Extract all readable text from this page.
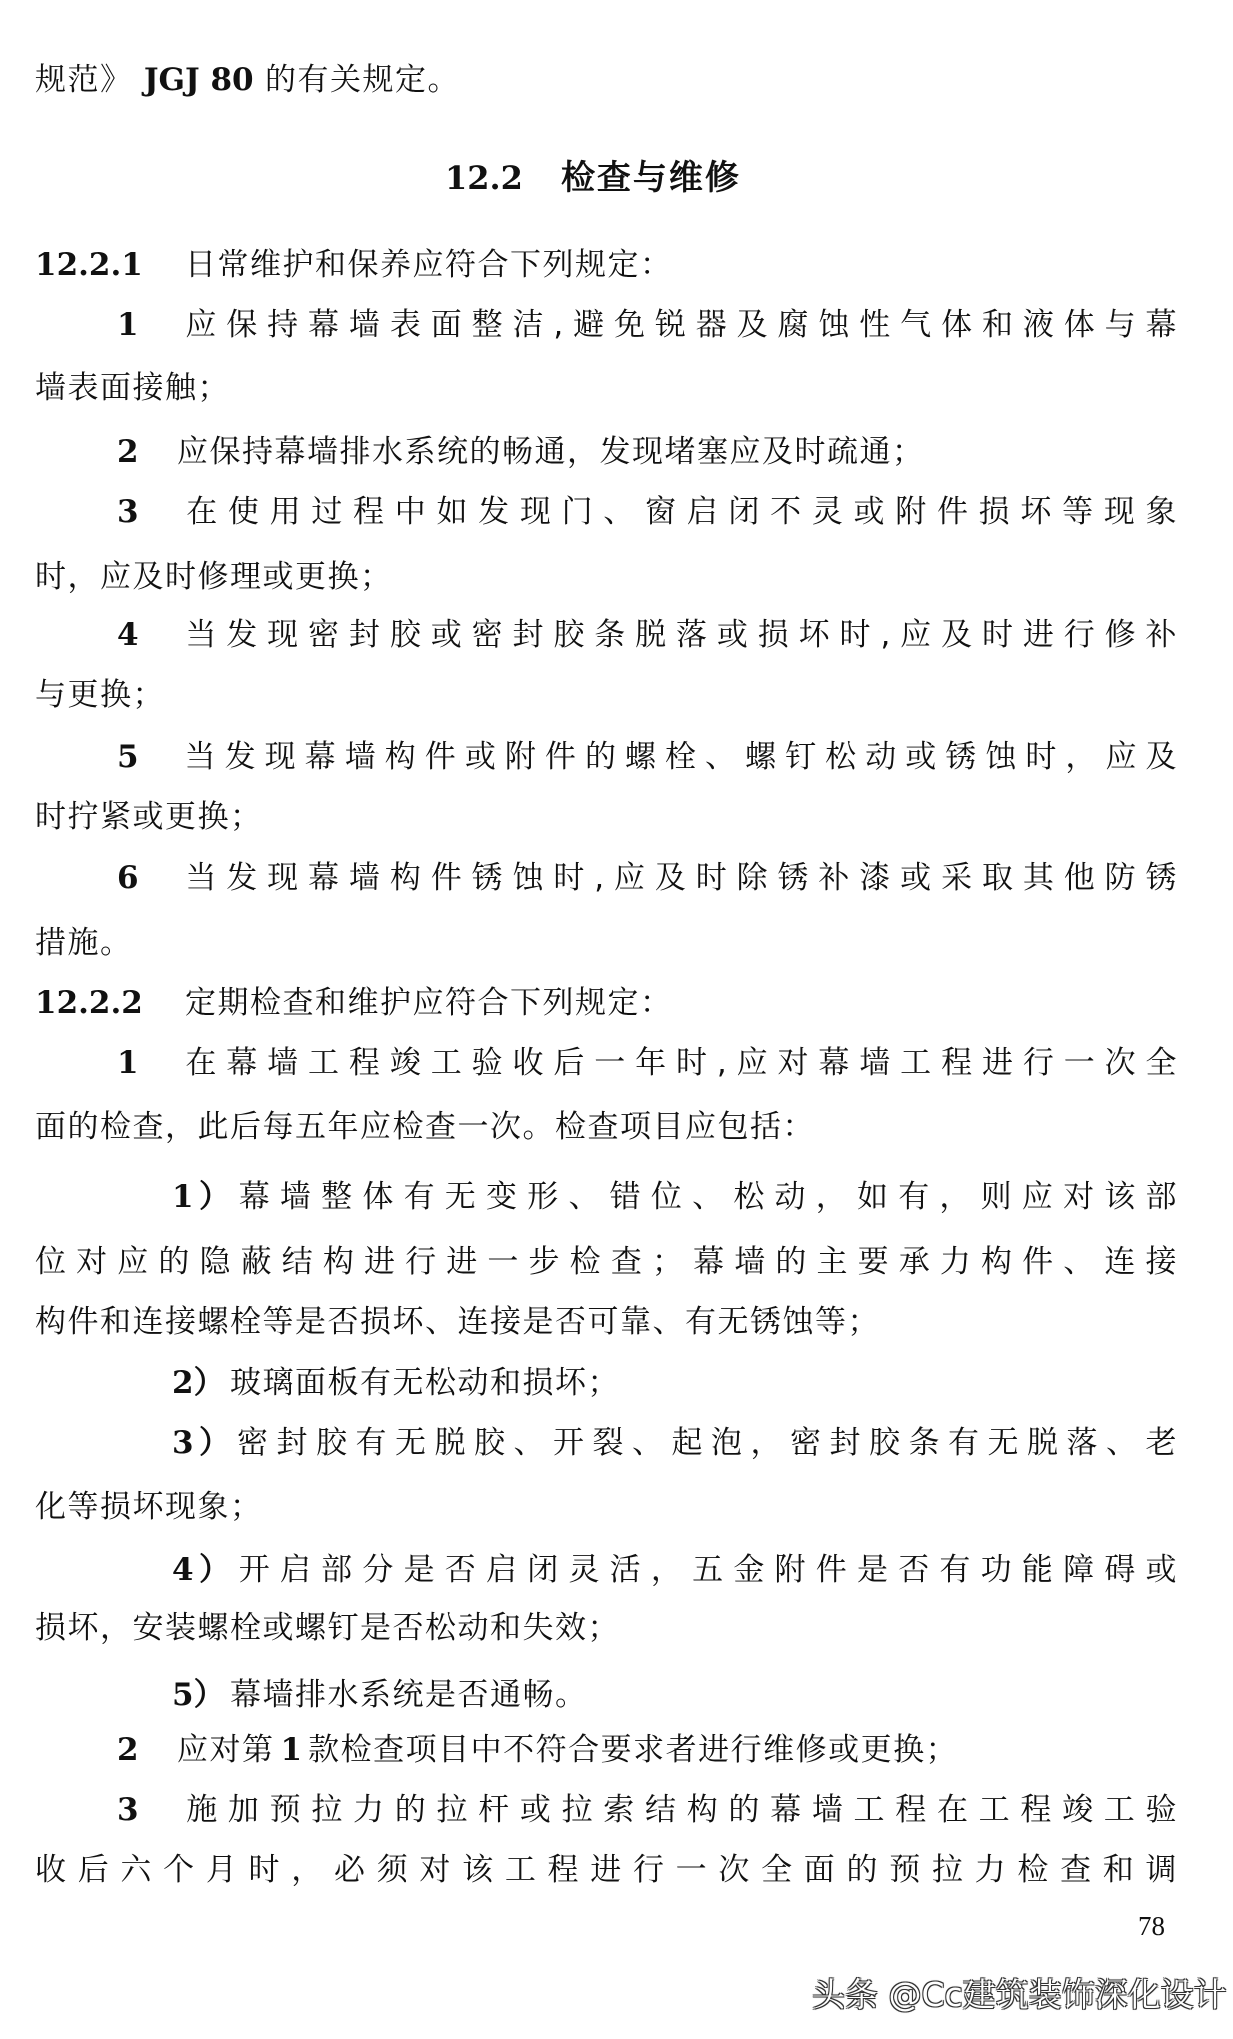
规范》 JGJ 80 的有关规定。
12.2 检查与维修
12.2.1 日常维护和保养应符合下列规定：
1 应保持幕墙表面整洁,避免锐器及腐蚀性气体和液体与幕
墙表面接触；
2 应保持幕墙排水系统的畅通，发现堵塞应及时疏通；
3 在使用过程中如发现门、窗启闭不灵或附件损坏等现象
时，应及时修理或更换；
4 当发现密封胶或密封胶条脱落或损坏时,应及时进行修补
与更换；
5 当发现幕墙构件或附件的螺栓、螺钉松动或锈蚀时，应及
时拧紧或更换；
6 当发现幕墙构件锈蚀时,应及时除锈补漆或采取其他防锈
措施。
12.2.2 定期检查和维护应符合下列规定：
1 在幕墙工程竣工验收后一年时,应对幕墙工程进行一次全
面的检查，此后每五年应检查一次。检查项目应包括：
1）幕墙整体有无变形、错位、松动，如有，则应对该部
位对应的隐蔽结构进行进一步检查；幕墙的主要承力构件、连接
构件和连接螺栓等是否损坏、连接是否可靠、有无锈蚀等；
2） 玻璃面板有无松动和损坏；
3）密封胶有无脱胶、开裂、起泡，密封胶条有无脱落、老
化等损坏现象；
4）开启部分是否启闭灵活，五金附件是否有功能障碍或
损坏，安装螺栓或螺钉是否松动和失效；
5） 幕墙排水系统是否通畅。
2 应对第 1 款检查项目中不符合要求者进行维修或更换；
3 施加预拉力的拉杆或拉索结构的幕墙工程在工程竣工验
收后六个月时，必须对该工程进行一次全面的预拉力检查和调
78
头条 @Cc建筑装饰深化设计
